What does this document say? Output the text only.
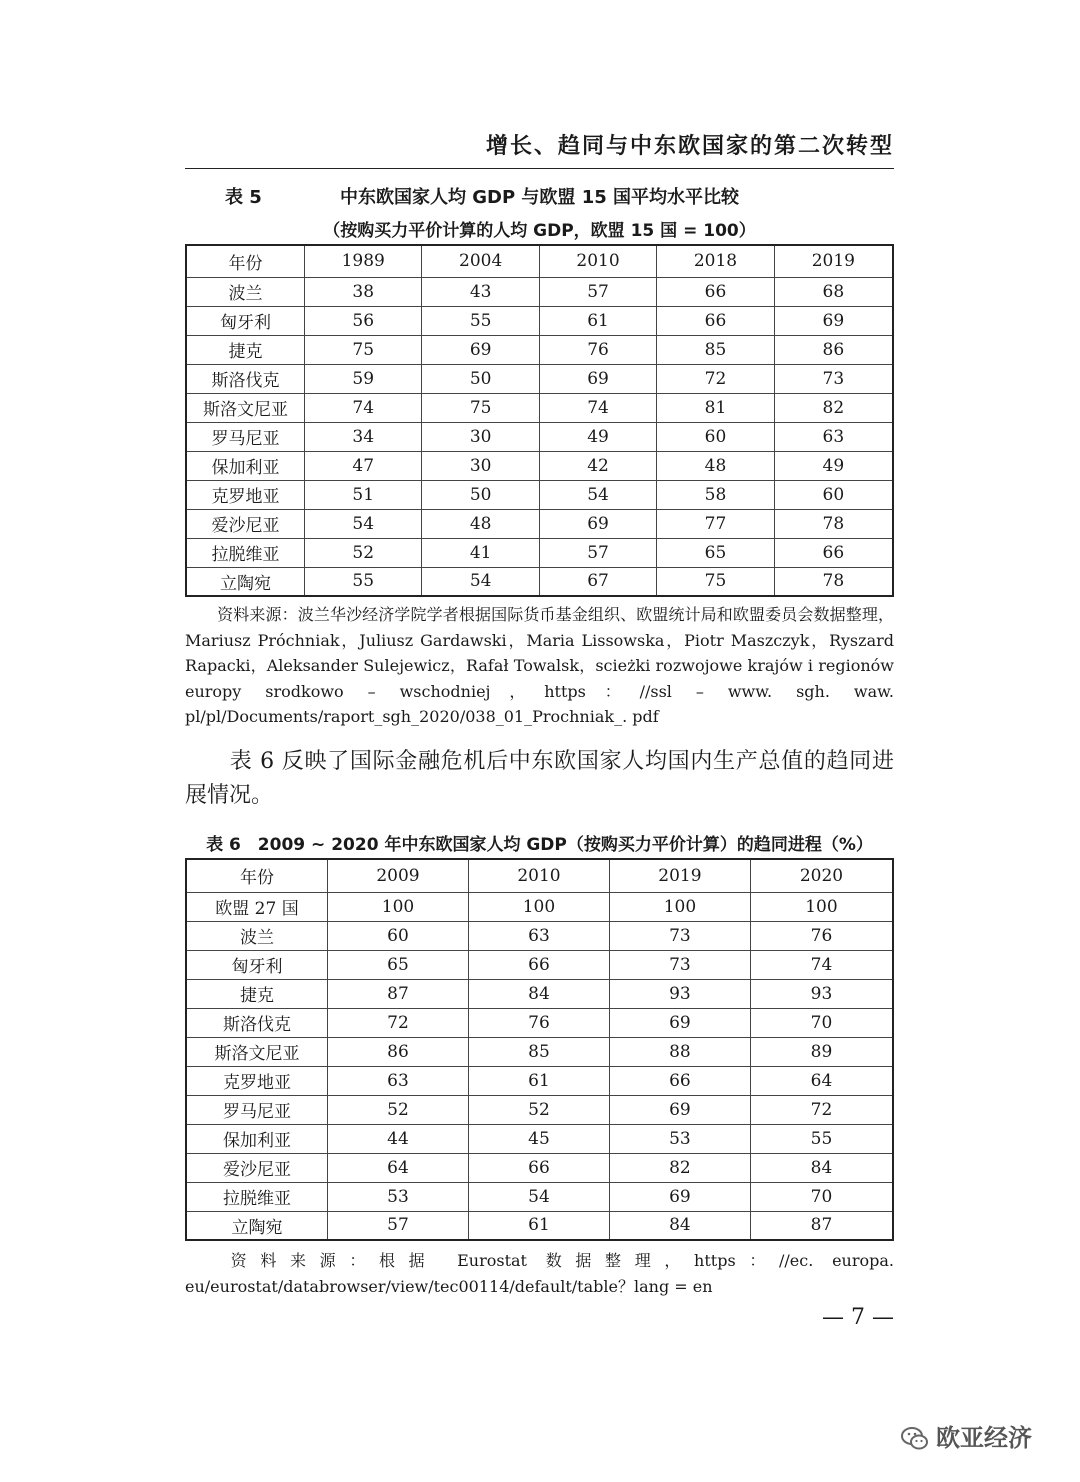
增长、趋同与中东欧国家的第二次转型
中东欧国家人均 GDP 与欧盟 15 国平均水平比较
表 5
（按购买力平价计算的人均 GDP，欧盟 15 国 = 100）
年份	1989	2004	2010	2018	2019
波兰	38	43	57	66	68
匈牙利	56	55	61	66	69
捷克	75	69	76	85	86
斯洛伐克	59	50	69	72	73
斯洛文尼亚	74	75	74	81	82
罗马尼亚	34	30	49	60	63
保加利亚	47	30	42	48	49
克罗地亚	51	50	54	58	60
爱沙尼亚	54	48	69	77	78
拉脱维亚	52	41	57	65	66
立陶宛	55	54	67	75	78
资料来源：波兰华沙经济学院学者根据国际货币基金组织、欧盟统计局和欧盟委员会数据整理，Mariusz Próchniak，Juliusz Gardawski，Maria Lissowska，Piotr Maszczyk，Ryszard Rapacki，Aleksander Sulejewicz，Rafał Towalsk，scieżki rozwojowe krajów i regionów europy srodkowo – wschodniej，https：//ssl – www. sgh. waw. pl/pl/Documents/raport_sgh_2020/038_01_Prochniak_. pdf
表 6 反映了国际金融危机后中东欧国家人均国内生产总值的趋同进展情况。
表 6　2009 ~ 2020 年中东欧国家人均 GDP（按购买力平价计算）的趋同进程（%）
年份	2009	2010	2019	2020
欧盟 27 国	100	100	100	100
波兰	60	63	73	76
匈牙利	65	66	73	74
捷克	87	84	93	93
斯洛伐克	72	76	69	70
斯洛文尼亚	86	85	88	89
克罗地亚	63	61	66	64
罗马尼亚	52	52	69	72
保加利亚	44	45	53	55
爱沙尼亚	64	66	82	84
拉脱维亚	53	54	69	70
立陶宛	57	61	84	87
资料来源：根据 Eurostat 数据整理，https：//ec. europa. eu/eurostat/databrowser/view/tec00114/default/table？lang = en
— 7 —
欧亚经济
